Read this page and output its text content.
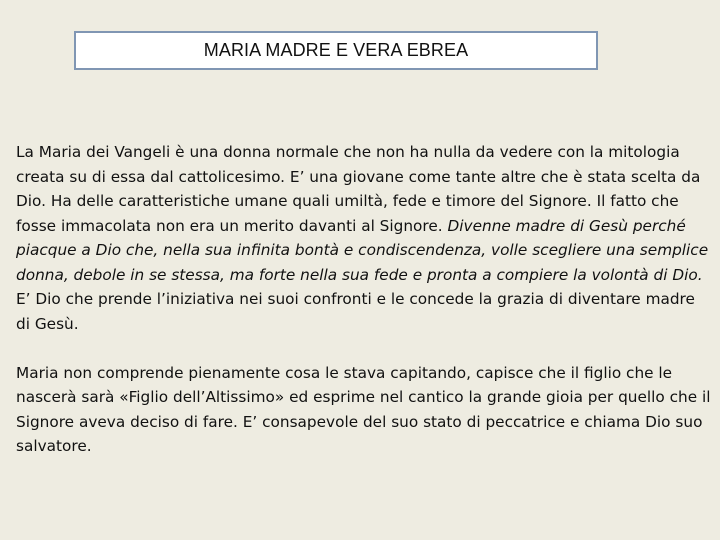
MARIA MADRE E VERA EBREA

La Maria dei Vangeli è una donna normale che non ha nulla da vedere con la mitologia creata su di essa dal cattolicesimo. E’ una giovane come tante altre che è stata scelta da Dio. Ha delle caratteristiche umane quali umiltà, fede e timore del Signore. Il fatto che fosse immacolata non era un merito davanti al Signore. Divenne madre di Gesù perché piacque a Dio che, nella sua infinita bontà e condiscendenza, volle scegliere una semplice donna, debole in se stessa, ma forte nella sua fede e pronta a compiere la volontà di Dio.

E’ Dio che prende l’iniziativa nei suoi confronti e le concede la grazia di diventare madre di Gesù.

Maria non comprende pienamente cosa le stava capitando, capisce che il figlio che le nascerà sarà «Figlio dell’Altissimo» ed esprime nel cantico la grande gioia per quello che il Signore aveva deciso di fare. E’ consapevole del suo stato di peccatrice e chiama Dio suo salvatore.
